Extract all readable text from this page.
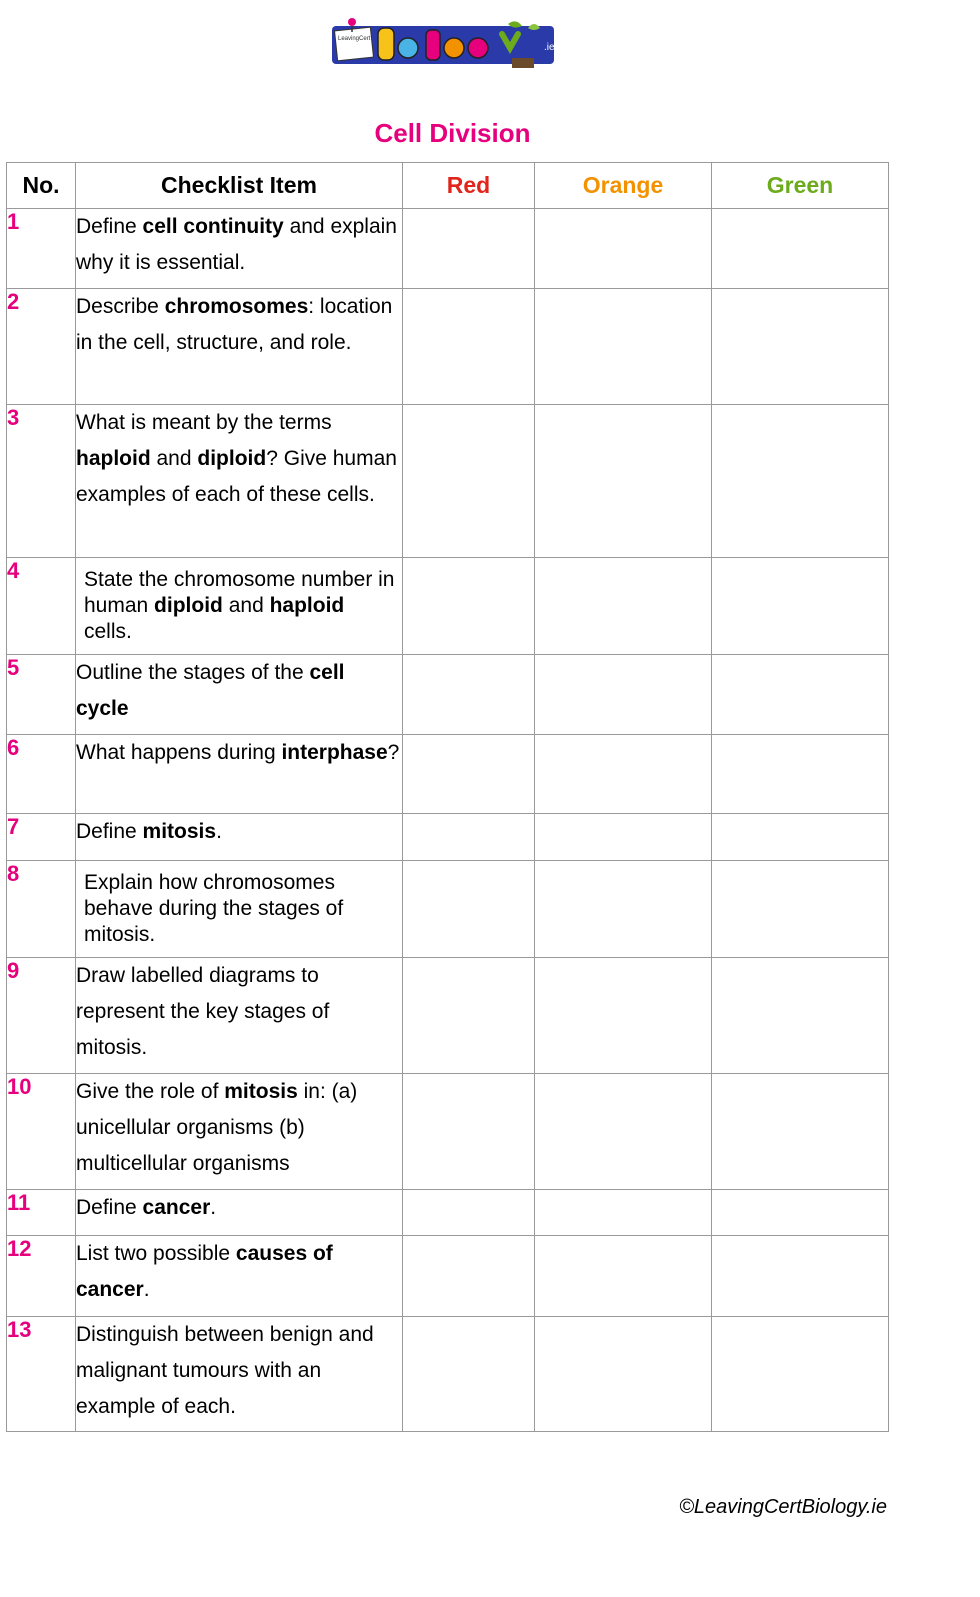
LeavingCert
.ie
Cell Division
No.	Checklist Item	Red	Orange	Green
1	Define cell continuity and explain why it is essential.			
2	Describe chromosomes: location in the cell, structure, and role.			
3	What is meant by the terms haploid and diploid? Give human examples of each of these cells.			
4	State the chromosome number in human diploid and haploid cells.			
5	Outline the stages of the cell cycle			
6	What happens during interphase?			
7	Define mitosis.			
8	Explain how chromosomes behave during the stages of mitosis.			
9	Draw labelled diagrams to represent the key stages of mitosis.			
10	Give the role of mitosis in: (a) unicellular organisms (b) multicellular organisms			
11	Define cancer.			
12	List two possible causes of cancer.			
13	Distinguish between benign and malignant tumours with an example of each.			
©LeavingCertBiology.ie
